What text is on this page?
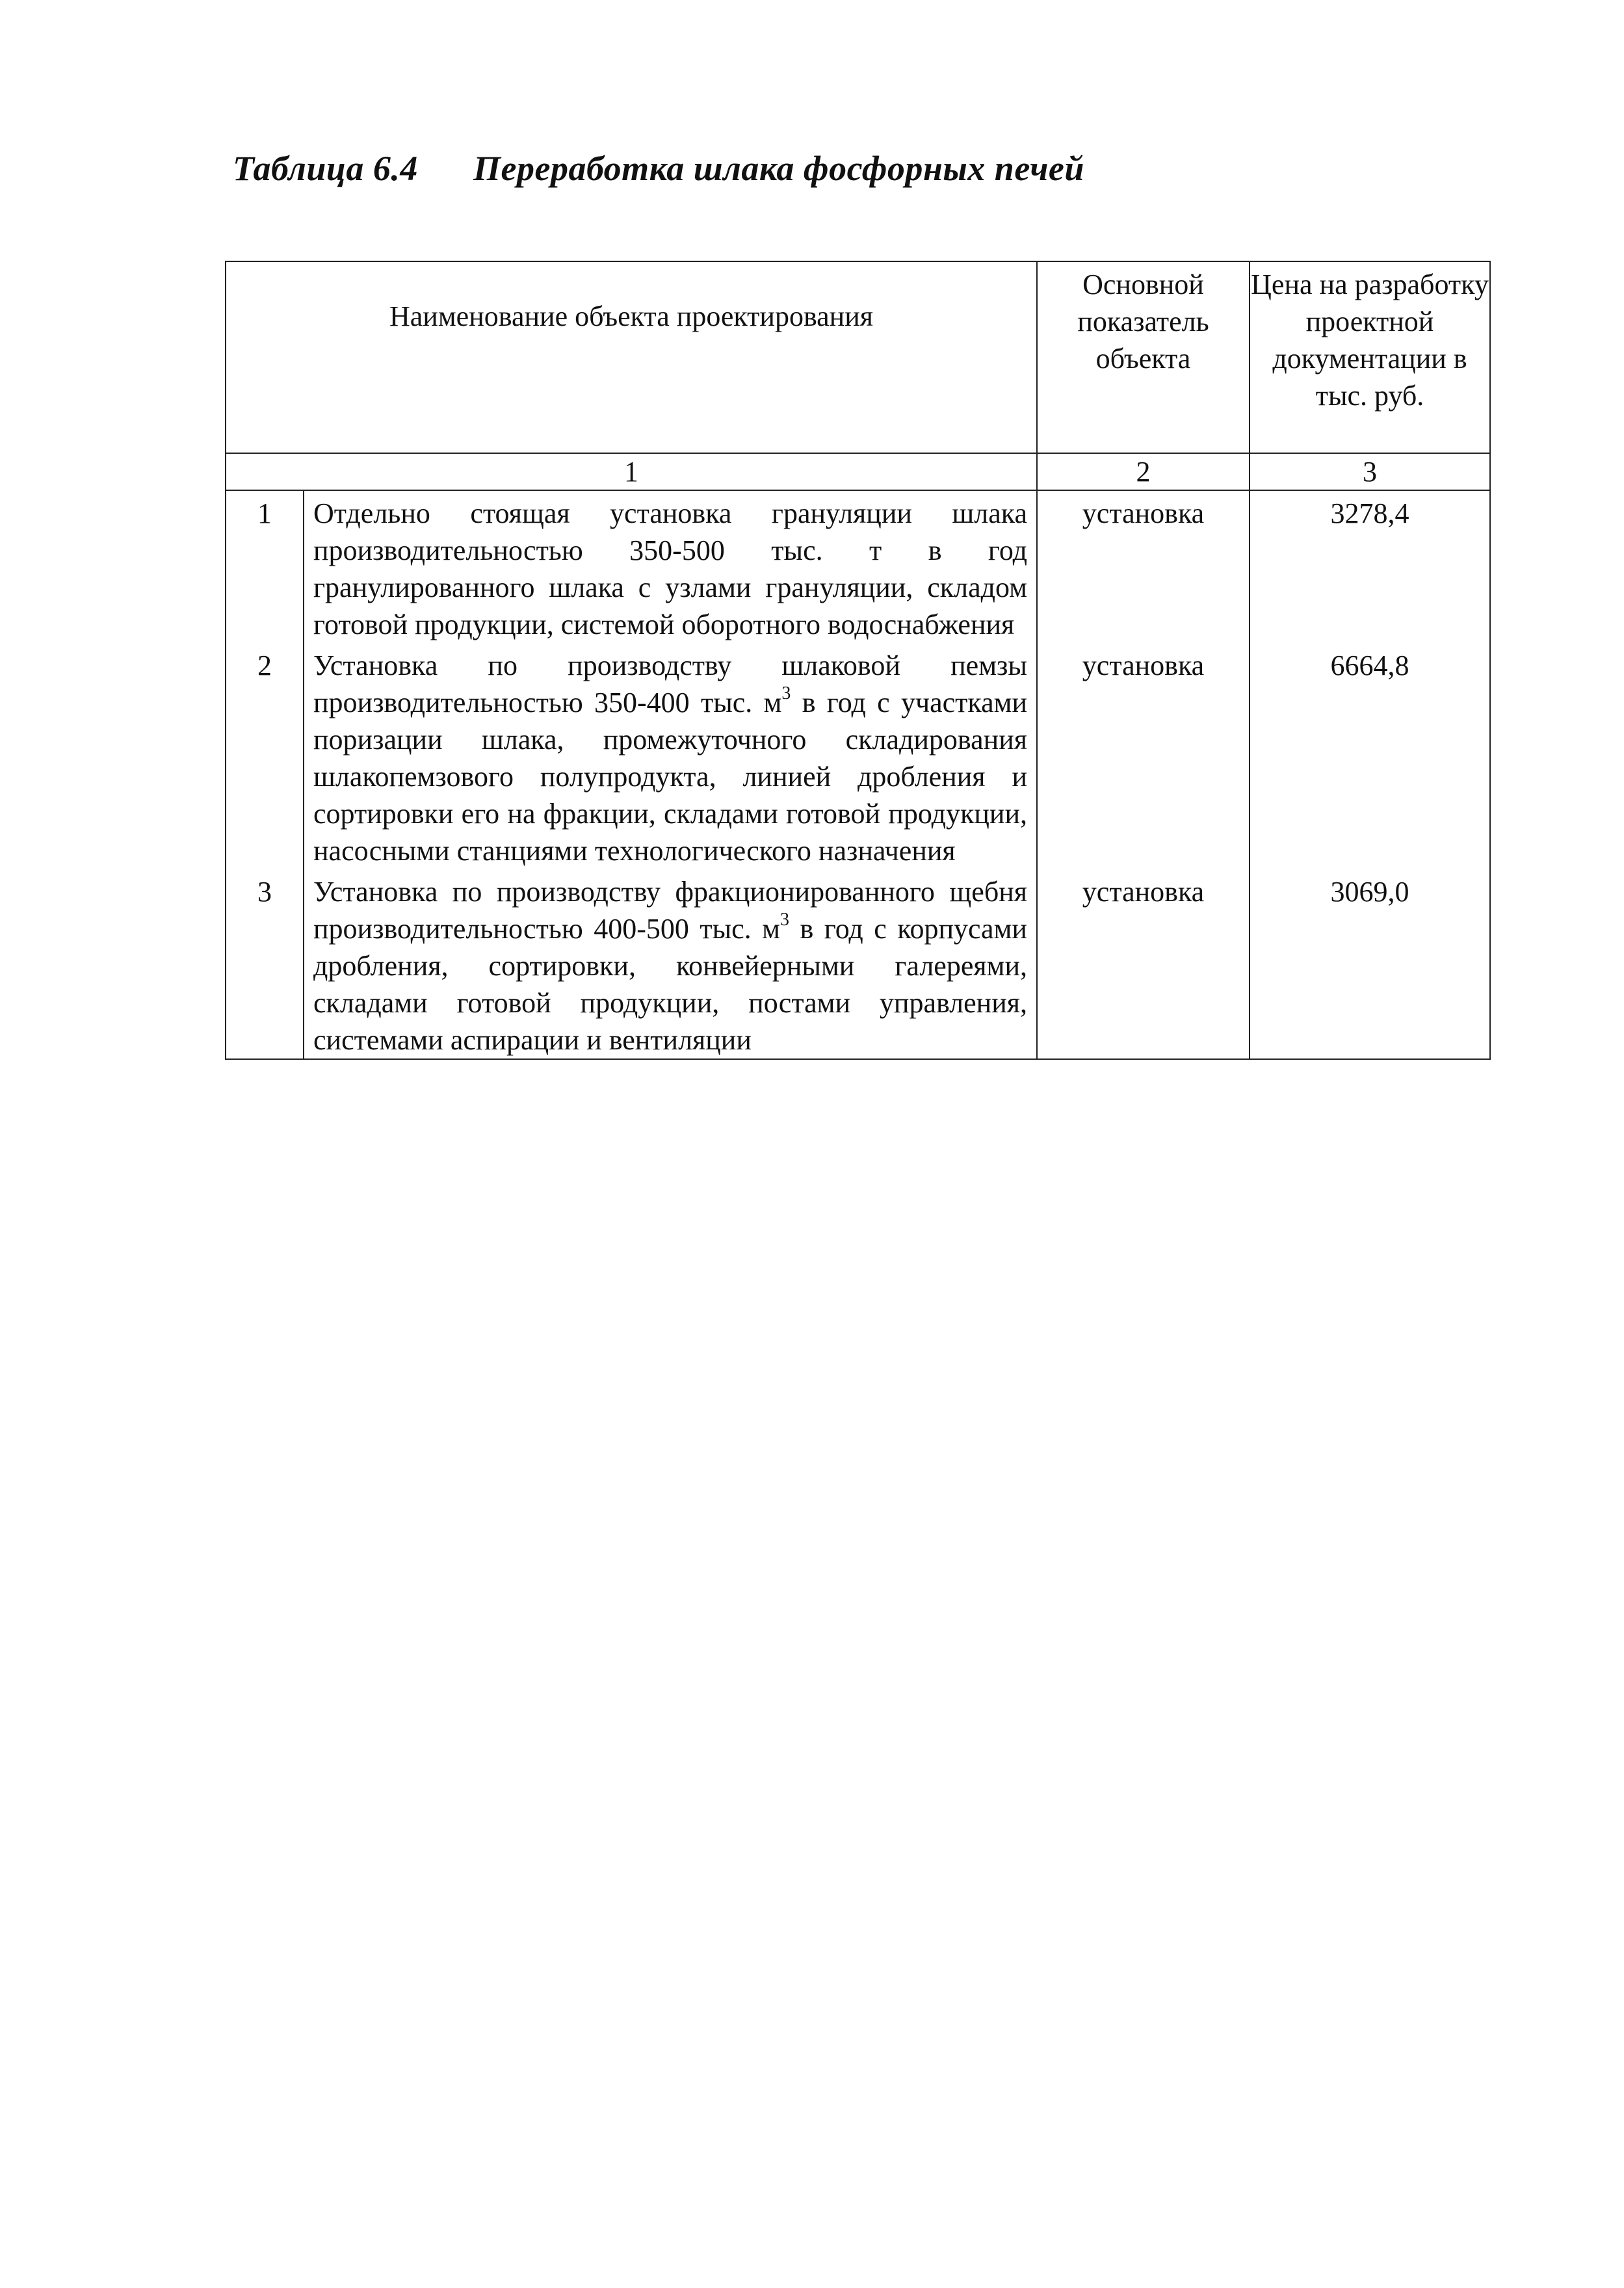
Таблица 6.4 Переработка шлака фосфорных печей
Наименование объекта проектирования		Основной показатель объекта	Цена на разработку проектной документации в тыс. руб.

1		2	3
1	Отдельно стоящая установка грануляции шлака производительностью 350-500 тыс. т в год гранулированного шлака с узлами грануляции, складом готовой продукции, системой оборотного водоснабжения	установка	3278,4
2	Установка по производству шлаковой пемзы производительностью 350-400 тыс. $м^3$ в год с участками поризации шлака, промежуточного складирования шлакопемзового полупродукта, линией дробления и сортировки его на фракции, складами готовой продукции, насосными станциями технологического назначения	установка	6664,8
3	Установка по производству фракционированного щебня производительностью 400-500 тыс. $м^3$ в год с корпусами дробления, сортировки, конвейерными галереями, складами готовой продукции, постами управления, системами аспирации и вентиляции	установка	3069,0
